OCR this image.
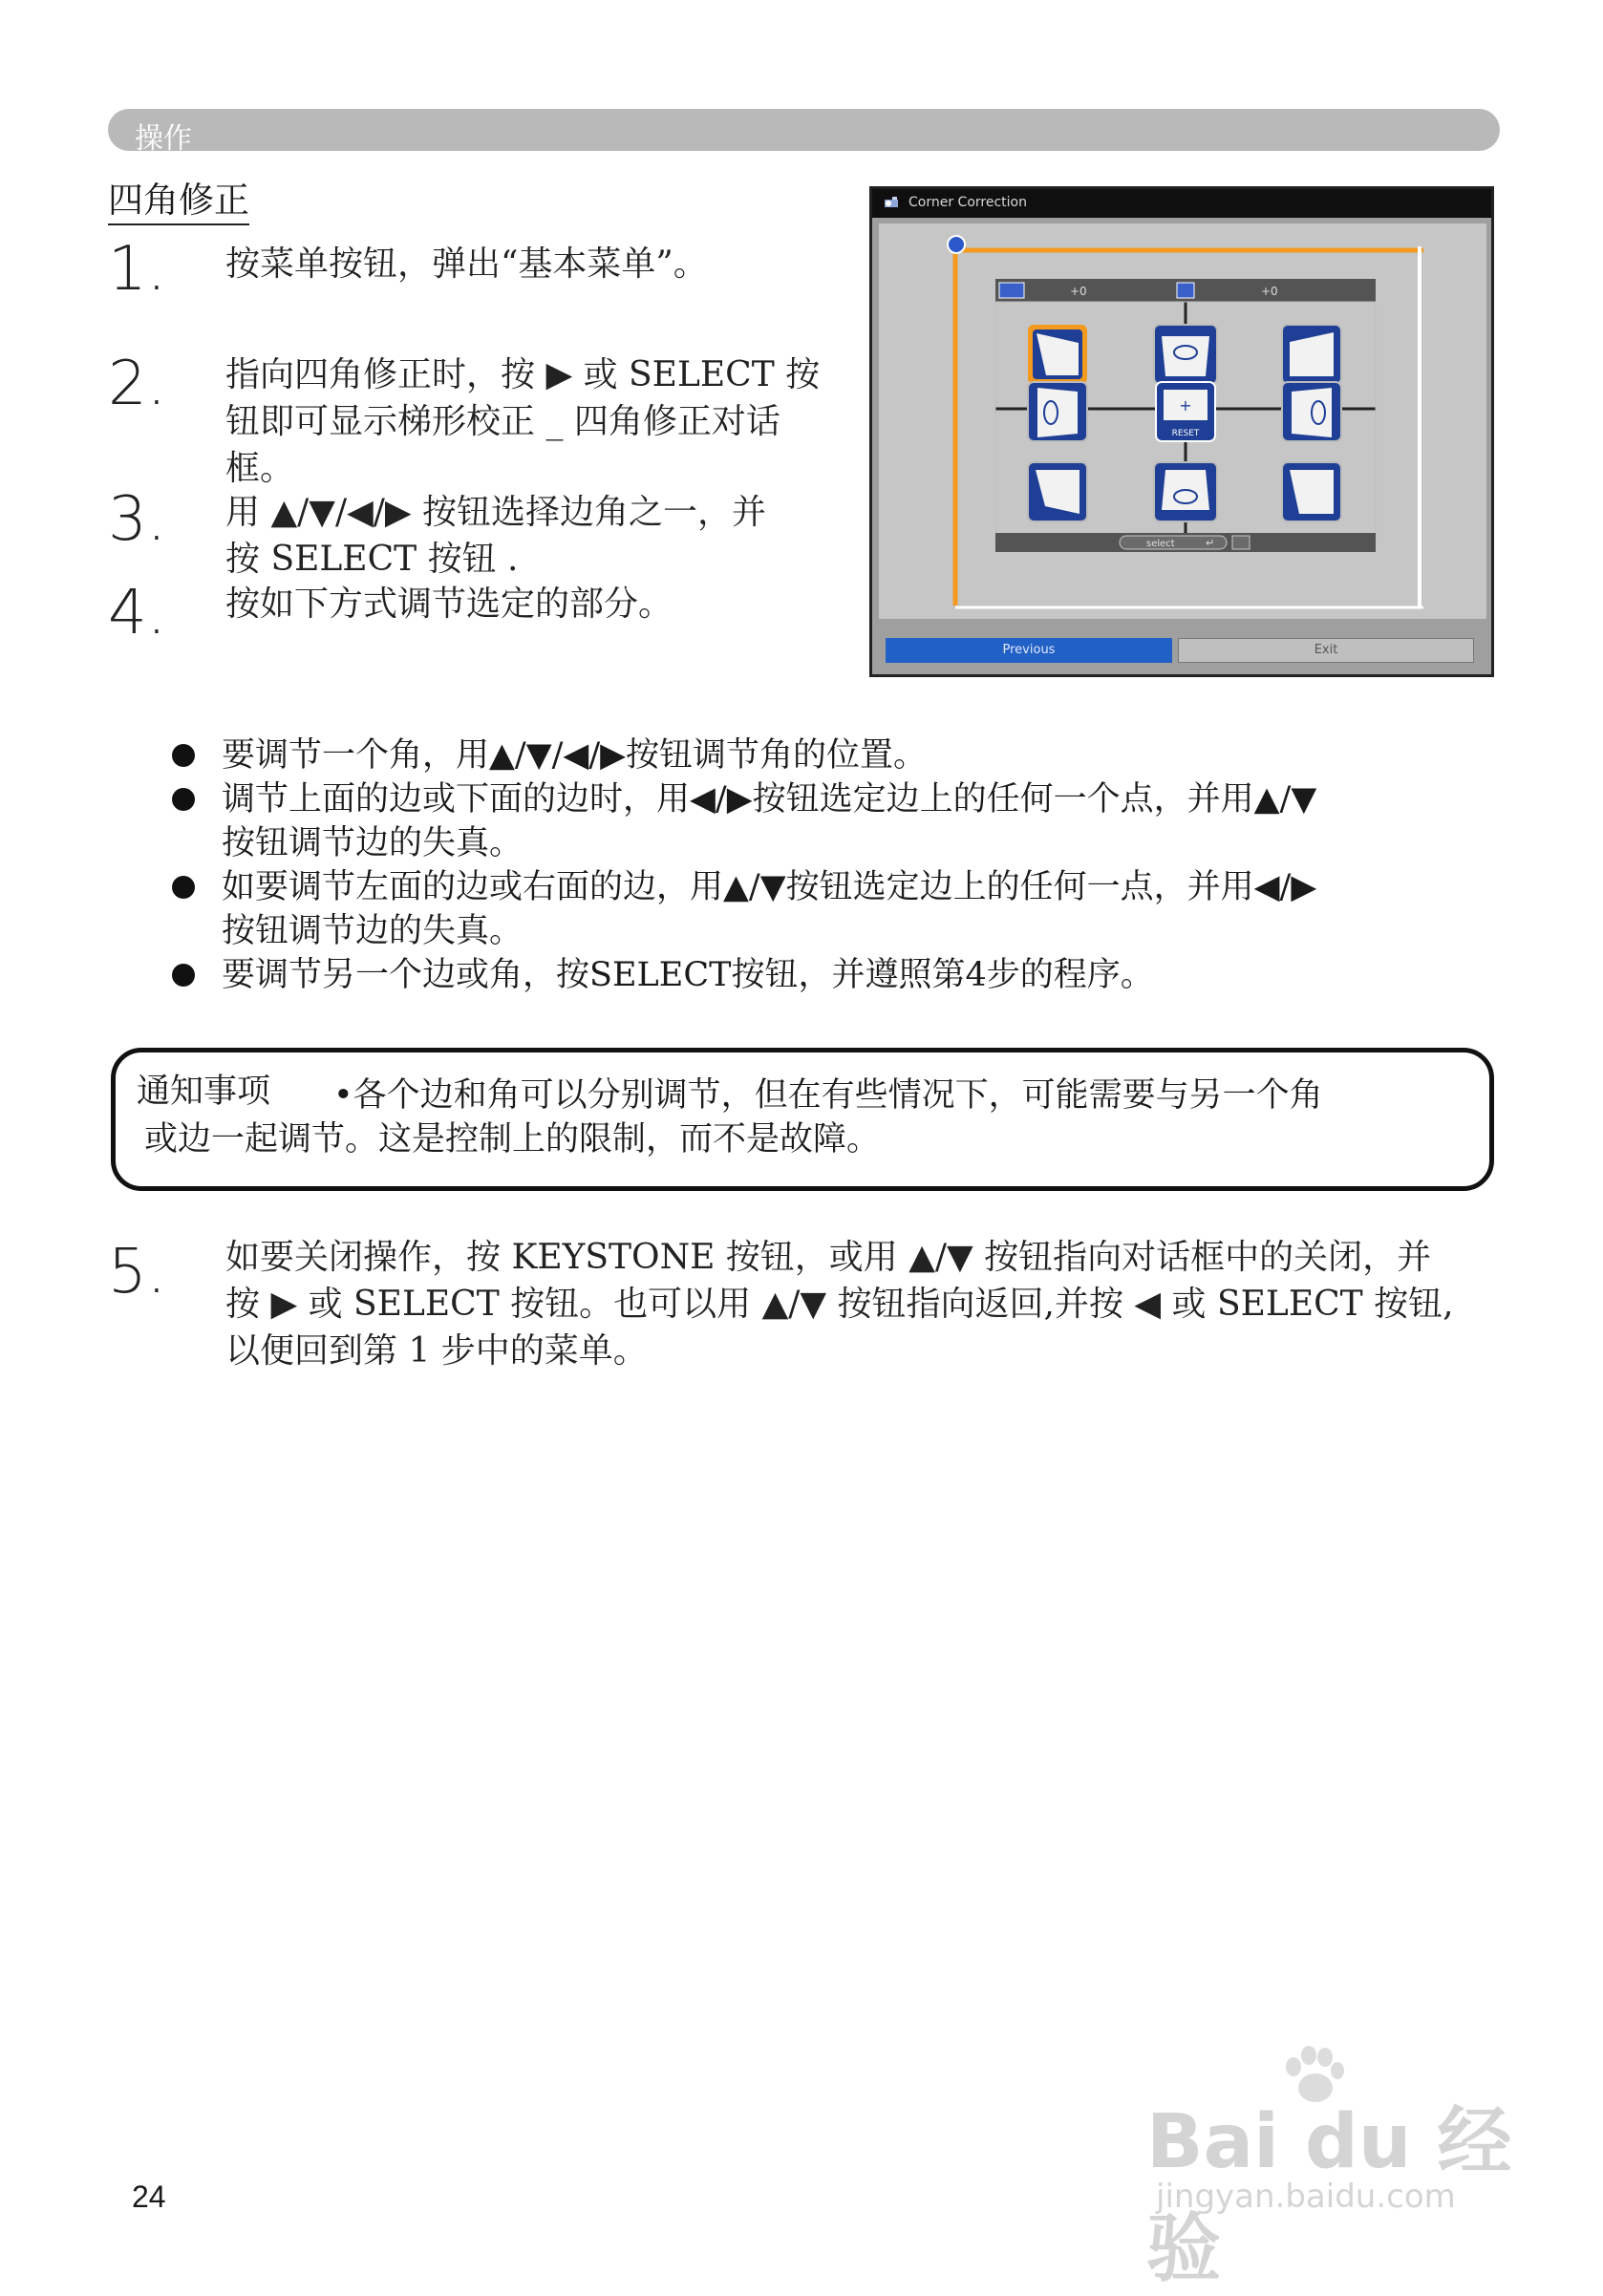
操作
四角修正
1. 按菜单按钮，弹出“基本菜单”。
2. 指向四角修正时，按 ▶ 或 SELECT 按
钮即可显示梯形校正 _ 四角修正对话
框。
3. 用 ▲/▼/◀/▶ 按钮选择边角之一，并
按 SELECT 按钮 .
4. 按如下方式调节选定的部分。
Corner Correction
+0	+0
+
RESET
select	↵
Previous	Exit
要调节一个角，用▲/▼/◀/▶按钮调节角的位置。
调节上面的边或下面的边时，用◀/▶按钮选定边上的任何一个点，并用▲/▼
按钮调节边的失真。
如要调节左面的边或右面的边，用▲/▼按钮选定边上的任何一点，并用◀/▶
按钮调节边的失真。
要调节另一个边或角，按SELECT按钮，并遵照第4步的程序。
通知事项 •各个边和角可以分别调节，但在有些情况下，可能需要与另一个角
或边一起调节。这是控制上的限制，而不是故障。
5. 如要关闭操作，按 KEYSTONE 按钮，或用 ▲/▼ 按钮指向对话框中的关闭，并
按 ▶ 或 SELECT 按钮。也可以用 ▲/▼ 按钮指向返回,并按 ◀ 或 SELECT 按钮,
以便回到第 1 步中的菜单。
24
Bai du 经验
jingyan.baidu.com
